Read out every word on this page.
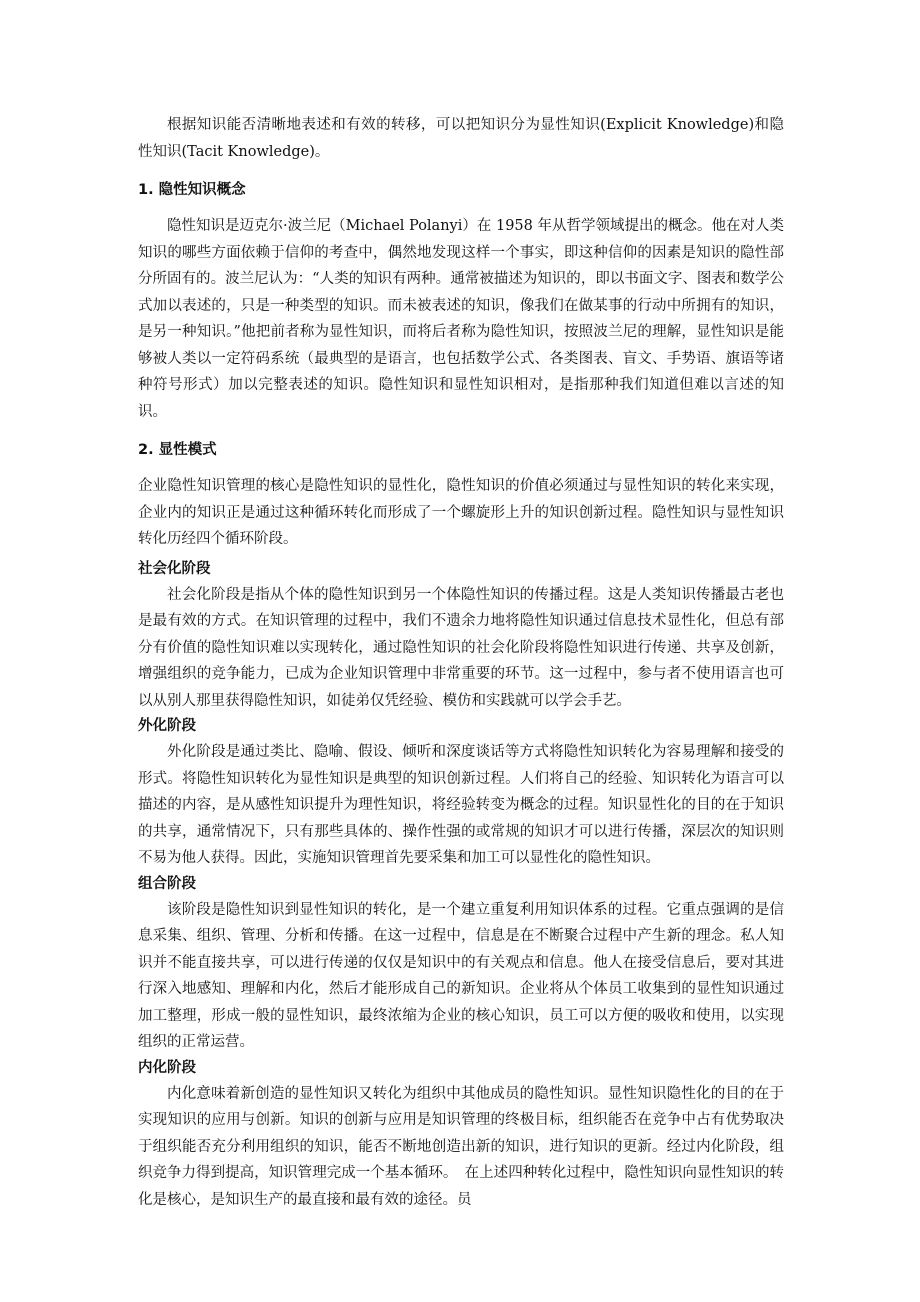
根据知识能否清晰地表述和有效的转移，可以把知识分为显性知识(Explicit Knowledge)和隐性知识(Tacit Knowledge)。

1. 隐性知识概念

隐性知识是迈克尔·波兰尼（Michael Polanyi）在 1958 年从哲学领域提出的概念。他在对人类知识的哪些方面依赖于信仰的考查中，偶然地发现这样一个事实，即这种信仰的因素是知识的隐性部分所固有的。波兰尼认为：“人类的知识有两种。通常被描述为知识的，即以书面文字、图表和数学公式加以表述的，只是一种类型的知识。而未被表述的知识，像我们在做某事的行动中所拥有的知识，是另一种知识。”他把前者称为显性知识，而将后者称为隐性知识，按照波兰尼的理解，显性知识是能够被人类以一定符码系统（最典型的是语言，也包括数学公式、各类图表、盲文、手势语、旗语等诸种符号形式）加以完整表述的知识。隐性知识和显性知识相对，是指那种我们知道但难以言述的知识。

2. 显性模式

企业隐性知识管理的核心是隐性知识的显性化，隐性知识的价值必须通过与显性知识的转化来实现，企业内的知识正是通过这种循环转化而形成了一个螺旋形上升的知识创新过程。隐性知识与显性知识转化历经四个循环阶段。

社会化阶段

社会化阶段是指从个体的隐性知识到另一个体隐性知识的传播过程。这是人类知识传播最古老也是最有效的方式。在知识管理的过程中，我们不遗余力地将隐性知识通过信息技术显性化，但总有部分有价值的隐性知识难以实现转化，通过隐性知识的社会化阶段将隐性知识进行传递、共享及创新，增强组织的竞争能力，已成为企业知识管理中非常重要的环节。这一过程中，参与者不使用语言也可以从别人那里获得隐性知识，如徒弟仅凭经验、模仿和实践就可以学会手艺。

外化阶段

外化阶段是通过类比、隐喻、假设、倾听和深度谈话等方式将隐性知识转化为容易理解和接受的形式。将隐性知识转化为显性知识是典型的知识创新过程。人们将自己的经验、知识转化为语言可以描述的内容，是从感性知识提升为理性知识，将经验转变为概念的过程。知识显性化的目的在于知识的共享，通常情况下，只有那些具体的、操作性强的或常规的知识才可以进行传播，深层次的知识则不易为他人获得。因此，实施知识管理首先要采集和加工可以显性化的隐性知识。

组合阶段

该阶段是隐性知识到显性知识的转化，是一个建立重复利用知识体系的过程。它重点强调的是信息采集、组织、管理、分析和传播。在这一过程中，信息是在不断聚合过程中产生新的理念。私人知识并不能直接共享，可以进行传递的仅仅是知识中的有关观点和信息。他人在接受信息后，要对其进行深入地感知、理解和内化，然后才能形成自己的新知识。企业将从个体员工收集到的显性知识通过加工整理，形成一般的显性知识，最终浓缩为企业的核心知识，员工可以方便的吸收和使用，以实现组织的正常运营。

内化阶段

内化意味着新创造的显性知识又转化为组织中其他成员的隐性知识。显性知识隐性化的目的在于实现知识的应用与创新。知识的创新与应用是知识管理的终极目标，组织能否在竞争中占有优势取决于组织能否充分利用组织的知识，能否不断地创造出新的知识，进行知识的更新。经过内化阶段，组织竞争力得到提高，知识管理完成一个基本循环。　在上述四种转化过程中，隐性知识向显性知识的转化是核心，是知识生产的最直接和最有效的途径。员
